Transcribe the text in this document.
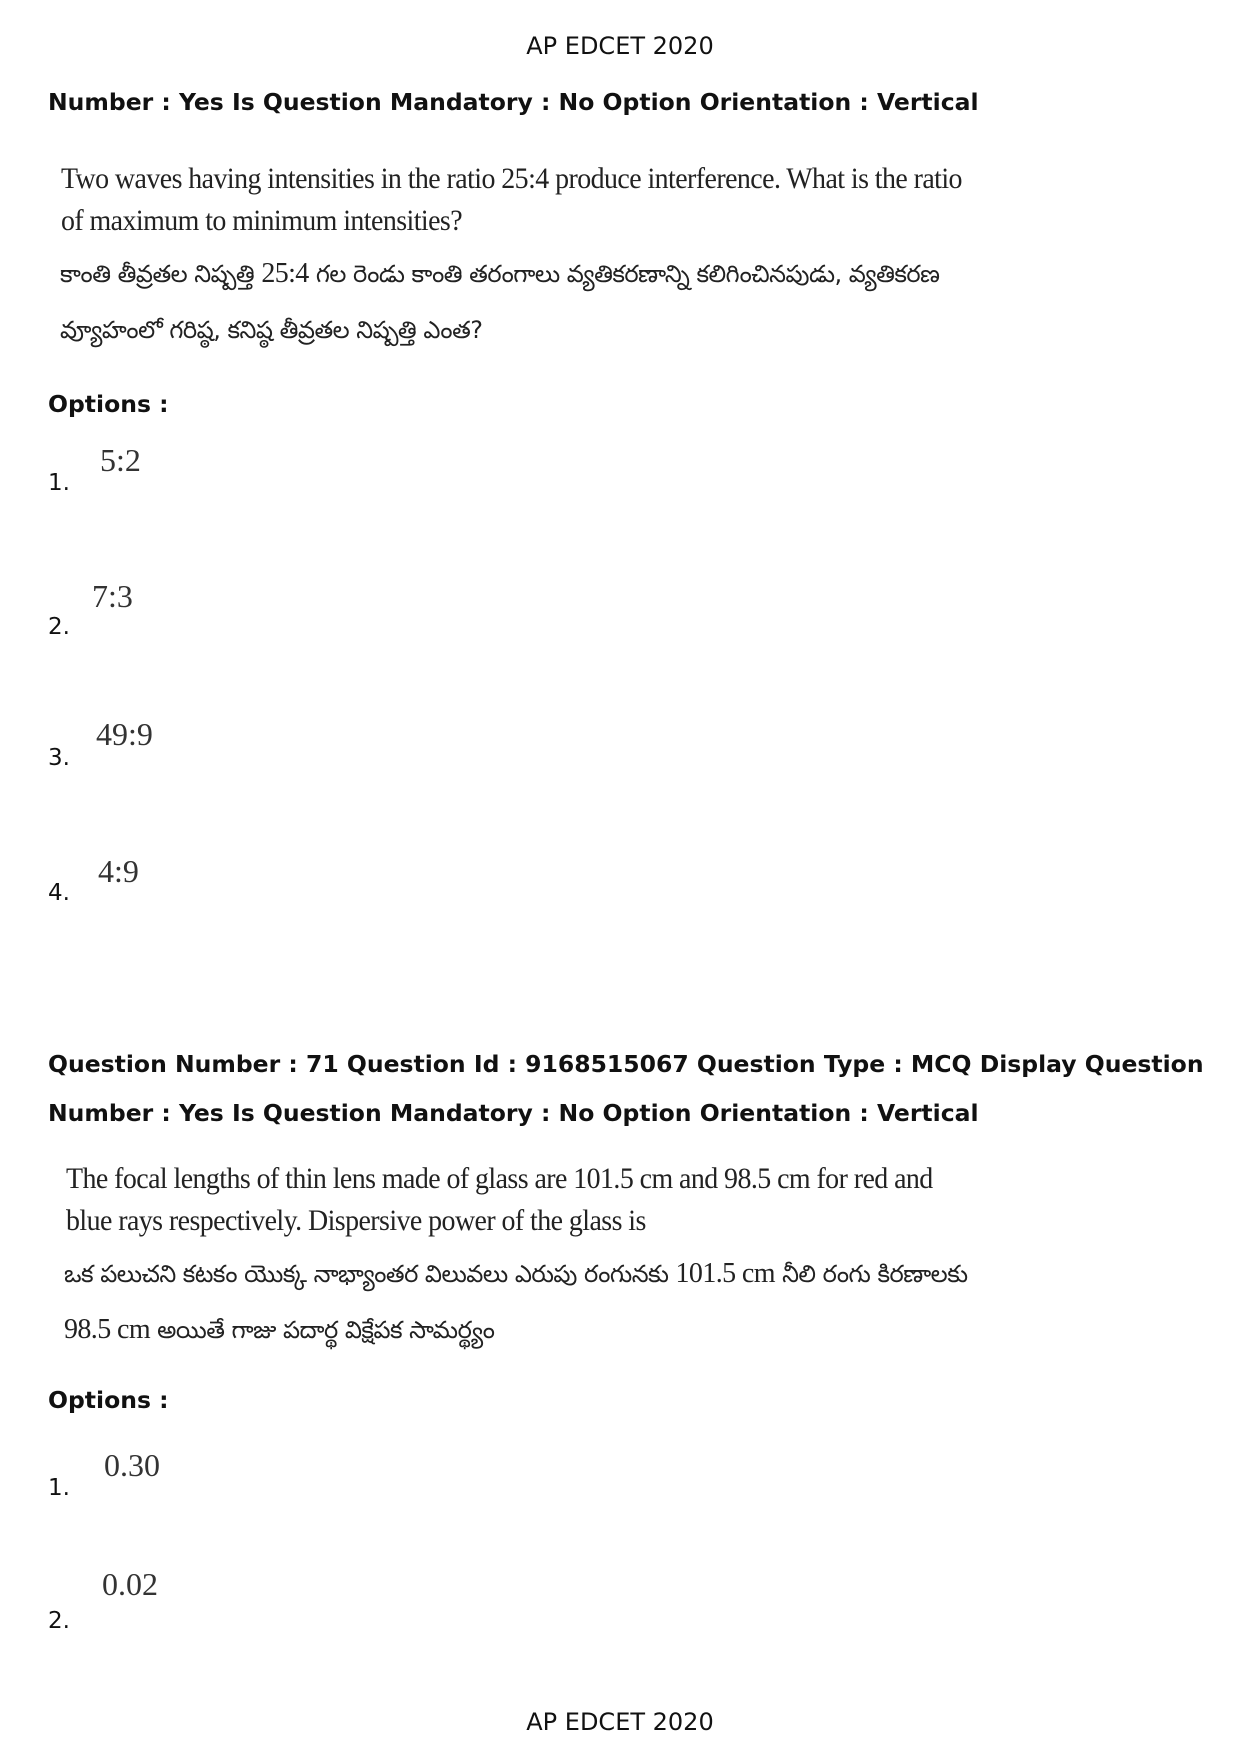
AP EDCET 2020
Number : Yes Is Question Mandatory : No Option Orientation : Vertical
Two waves having intensities in the ratio 25:4 produce interference. What is the ratio
of maximum to minimum intensities?
కాంతి తీవ్రతల నిష్పత్తి 25:4 గల రెండు కాంతి తరంగాలు వ్యతికరణాన్ని కలిగించినపుడు, వ్యతికరణ
వ్యూహంలో గరిష్ఠ, కనిష్ఠ తీవ్రతల నిష్పత్తి ఎంత?
Options :
1.
5:2
2.
7:3
3.
49:9
4.
4:9
Question Number : 71 Question Id : 9168515067 Question Type : MCQ Display Question
Number : Yes Is Question Mandatory : No Option Orientation : Vertical
The focal lengths of thin lens made of glass are 101.5 cm and 98.5 cm for red and
blue rays respectively. Dispersive power of the glass is
ఒక పలుచని కటకం యొక్క నాభ్యాంతర విలువలు ఎరుపు రంగునకు 101.5 cm నీలి రంగు కిరణాలకు
98.5 cm అయితే గాజు పదార్థ విక్షేపక సామర్థ్యం
Options :
1.
0.30
2.
0.02
AP EDCET 2020
